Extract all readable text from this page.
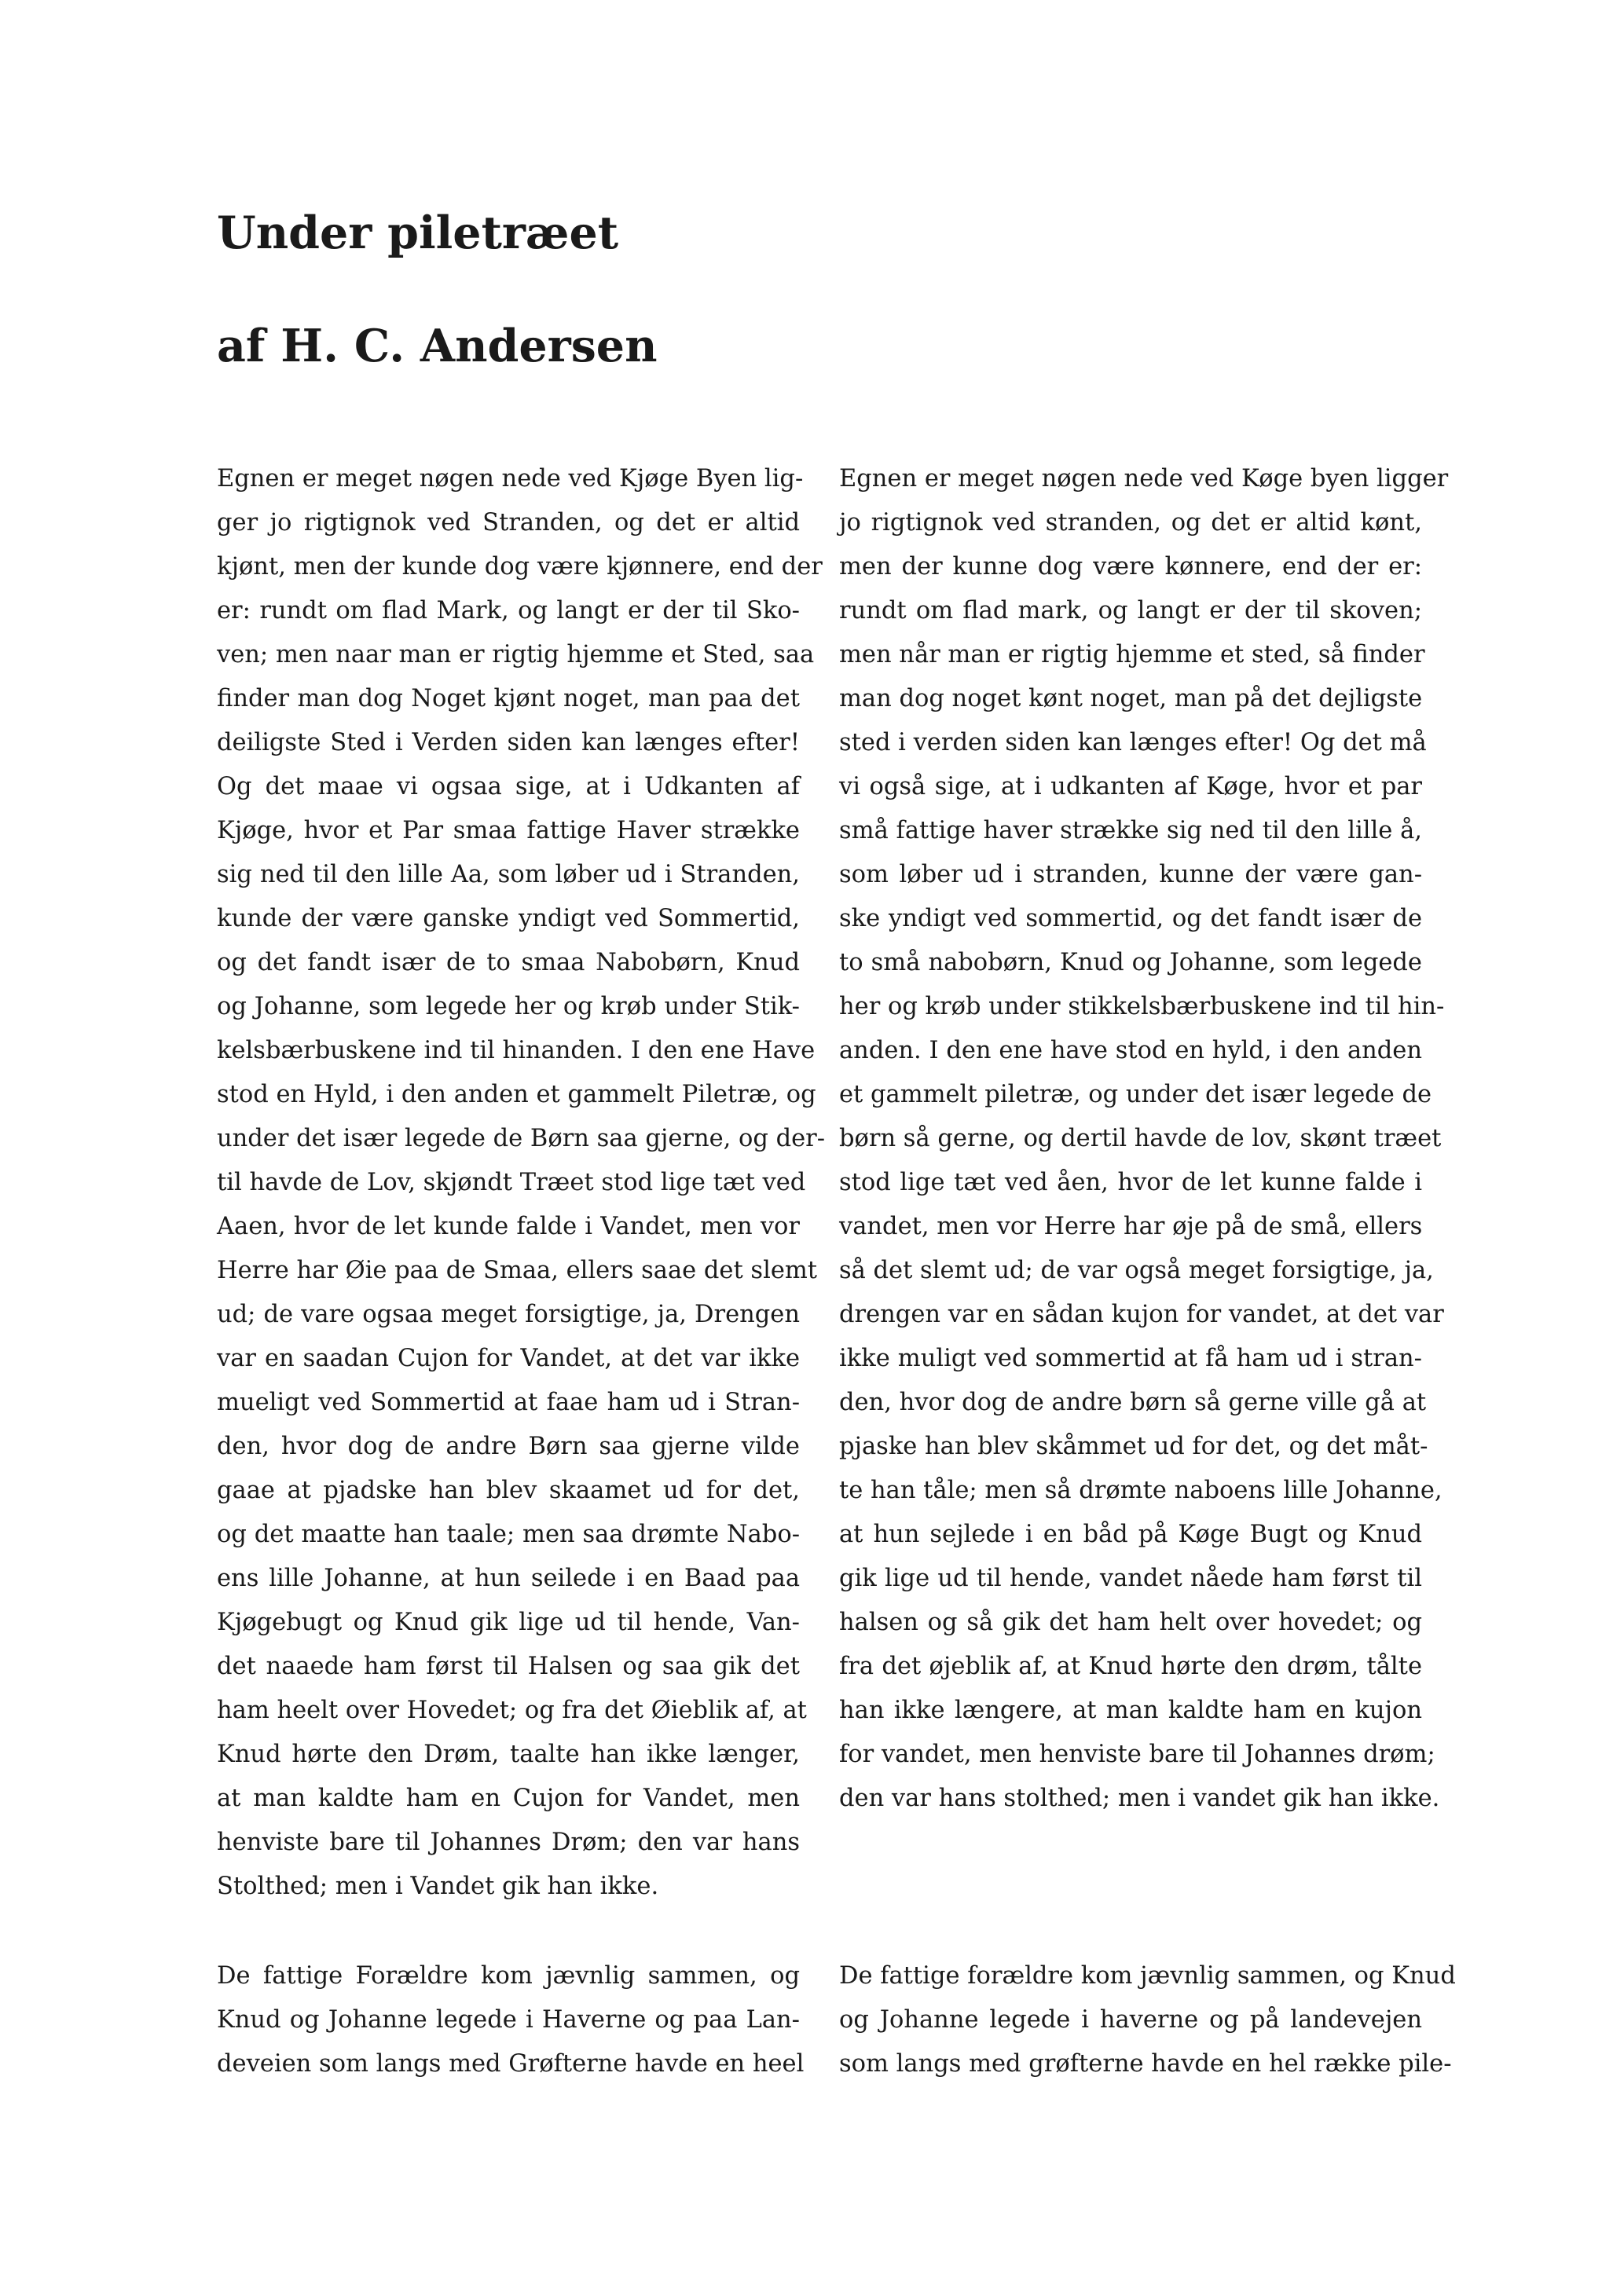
Under piletræet
af H. C. Andersen
Egnen er meget nøgen nede ved Kjøge Byen lig-
ger jo rigtignok ved Stranden, og det er altid
kjønt, men der kunde dog være kjønnere, end der
er: rundt om flad Mark, og langt er der til Sko-
ven; men naar man er rigtig hjemme et Sted, saa
finder man dog Noget kjønt noget, man paa det
deiligste Sted i Verden siden kan længes efter!
Og det maae vi ogsaa sige, at i Udkanten af
Kjøge, hvor et Par smaa fattige Haver strække
sig ned til den lille Aa, som løber ud i Stranden,
kunde der være ganske yndigt ved Sommertid,
og det fandt især de to smaa Nabobørn, Knud
og Johanne, som legede her og krøb under Stik-
kelsbærbuskene ind til hinanden. I den ene Have
stod en Hyld, i den anden et gammelt Piletræ, og
under det især legede de Børn saa gjerne, og der-
til havde de Lov, skjøndt Træet stod lige tæt ved
Aaen, hvor de let kunde falde i Vandet, men vor
Herre har Øie paa de Smaa, ellers saae det slemt
ud; de vare ogsaa meget forsigtige, ja, Drengen
var en saadan Cujon for Vandet, at det var ikke
mueligt ved Sommertid at faae ham ud i Stran-
den, hvor dog de andre Børn saa gjerne vilde
gaae at pjadske han blev skaamet ud for det,
og det maatte han taale; men saa drømte Nabo-
ens lille Johanne, at hun seilede i en Baad paa
Kjøgebugt og Knud gik lige ud til hende, Van-
det naaede ham først til Halsen og saa gik det
ham heelt over Hovedet; og fra det Øieblik af, at
Knud hørte den Drøm, taalte han ikke længer,
at man kaldte ham en Cujon for Vandet, men
henviste bare til Johannes Drøm; den var hans
Stolthed; men i Vandet gik han ikke.
Egnen er meget nøgen nede ved Køge byen ligger
jo rigtignok ved stranden, og det er altid kønt,
men der kunne dog være kønnere, end der er:
rundt om flad mark, og langt er der til skoven;
men når man er rigtig hjemme et sted, så finder
man dog noget kønt noget, man på det dejligste
sted i verden siden kan længes efter! Og det må
vi også sige, at i udkanten af Køge, hvor et par
små fattige haver strække sig ned til den lille å,
som løber ud i stranden, kunne der være gan-
ske yndigt ved sommertid, og det fandt især de
to små nabobørn, Knud og Johanne, som legede
her og krøb under stikkelsbærbuskene ind til hin-
anden. I den ene have stod en hyld, i den anden
et gammelt piletræ, og under det især legede de
børn så gerne, og dertil havde de lov, skønt træet
stod lige tæt ved åen, hvor de let kunne falde i
vandet, men vor Herre har øje på de små, ellers
så det slemt ud; de var også meget forsigtige, ja,
drengen var en sådan kujon for vandet, at det var
ikke muligt ved sommertid at få ham ud i stran-
den, hvor dog de andre børn så gerne ville gå at
pjaske han blev skåmmet ud for det, og det måt-
te han tåle; men så drømte naboens lille Johanne,
at hun sejlede i en båd på Køge Bugt og Knud
gik lige ud til hende, vandet nåede ham først til
halsen og så gik det ham helt over hovedet; og
fra det øjeblik af, at Knud hørte den drøm, tålte
han ikke længere, at man kaldte ham en kujon
for vandet, men henviste bare til Johannes drøm;
den var hans stolthed; men i vandet gik han ikke.
De fattige Forældre kom jævnlig sammen, og
Knud og Johanne legede i Haverne og paa Lan-
deveien som langs med Grøfterne havde en heel
De fattige forældre kom jævnlig sammen, og Knud
og Johanne legede i haverne og på landevejen
som langs med grøfterne havde en hel række pile-
